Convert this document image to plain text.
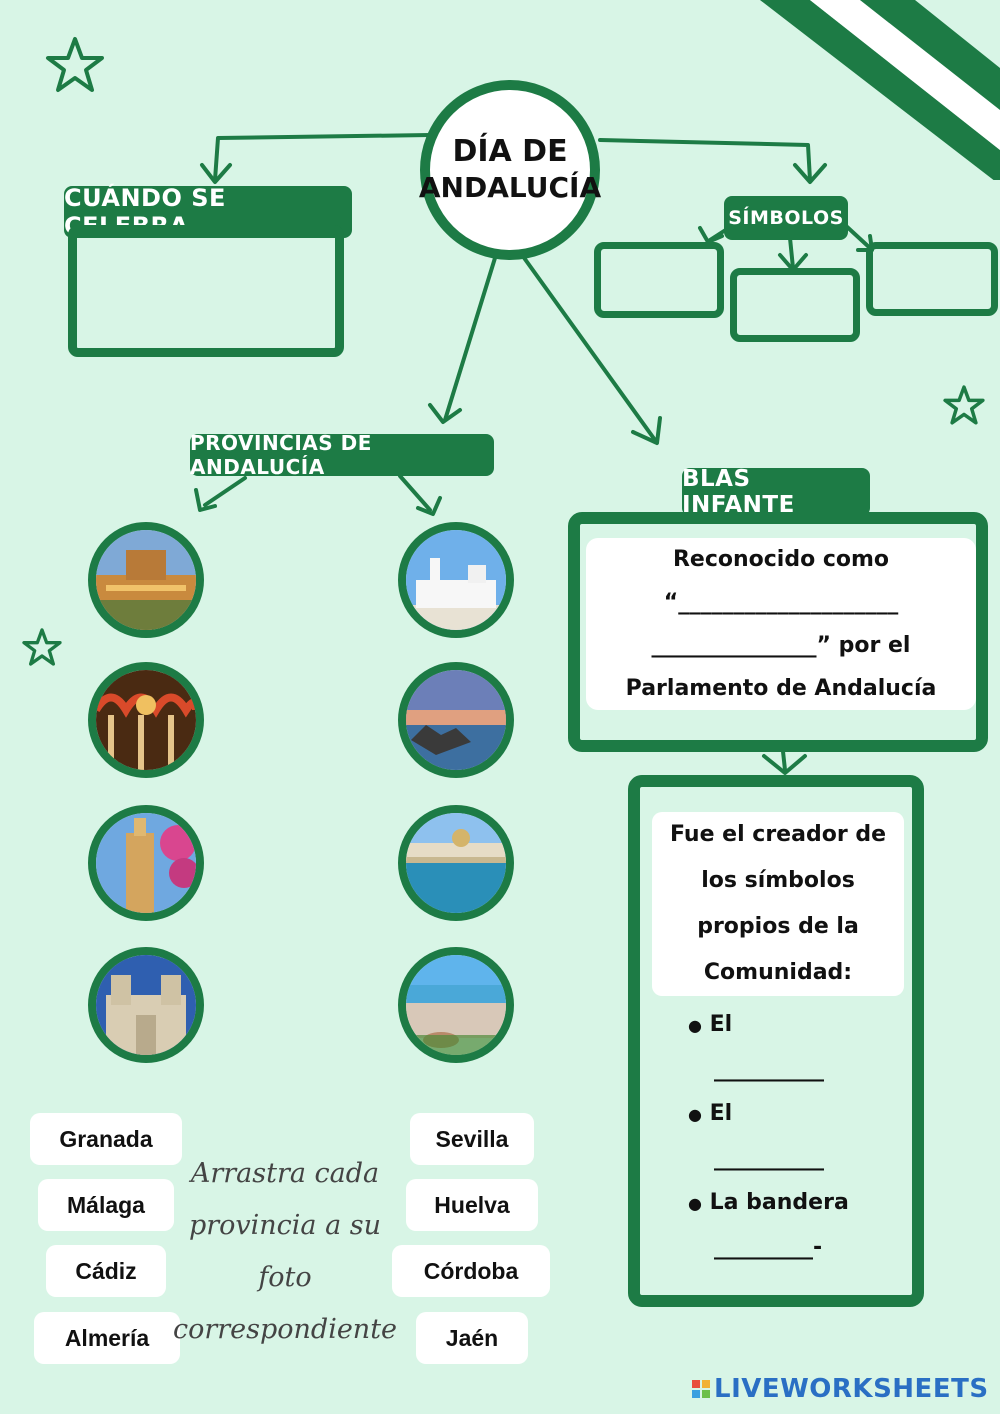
DÍA DE
ANDALUCÍA
CUÁNDO SE CELEBRA	SÍMBOLOS
PROVINCIAS DE ANDALUCÍA	BLAS INFANTE
Reconocido como
“____________________
_______________” por el
Parlamento de Andalucía
Fue el creador de
los símbolos
propios de la
Comunidad:
● El
__________
● El
__________
● La bandera
_________-
Granada
Málaga
Cádiz
Almería
Sevilla
Huelva
Córdoba
Jaén
Arrastra cada
provincia a su
foto
correspondiente
LIVEWORKSHEETS
